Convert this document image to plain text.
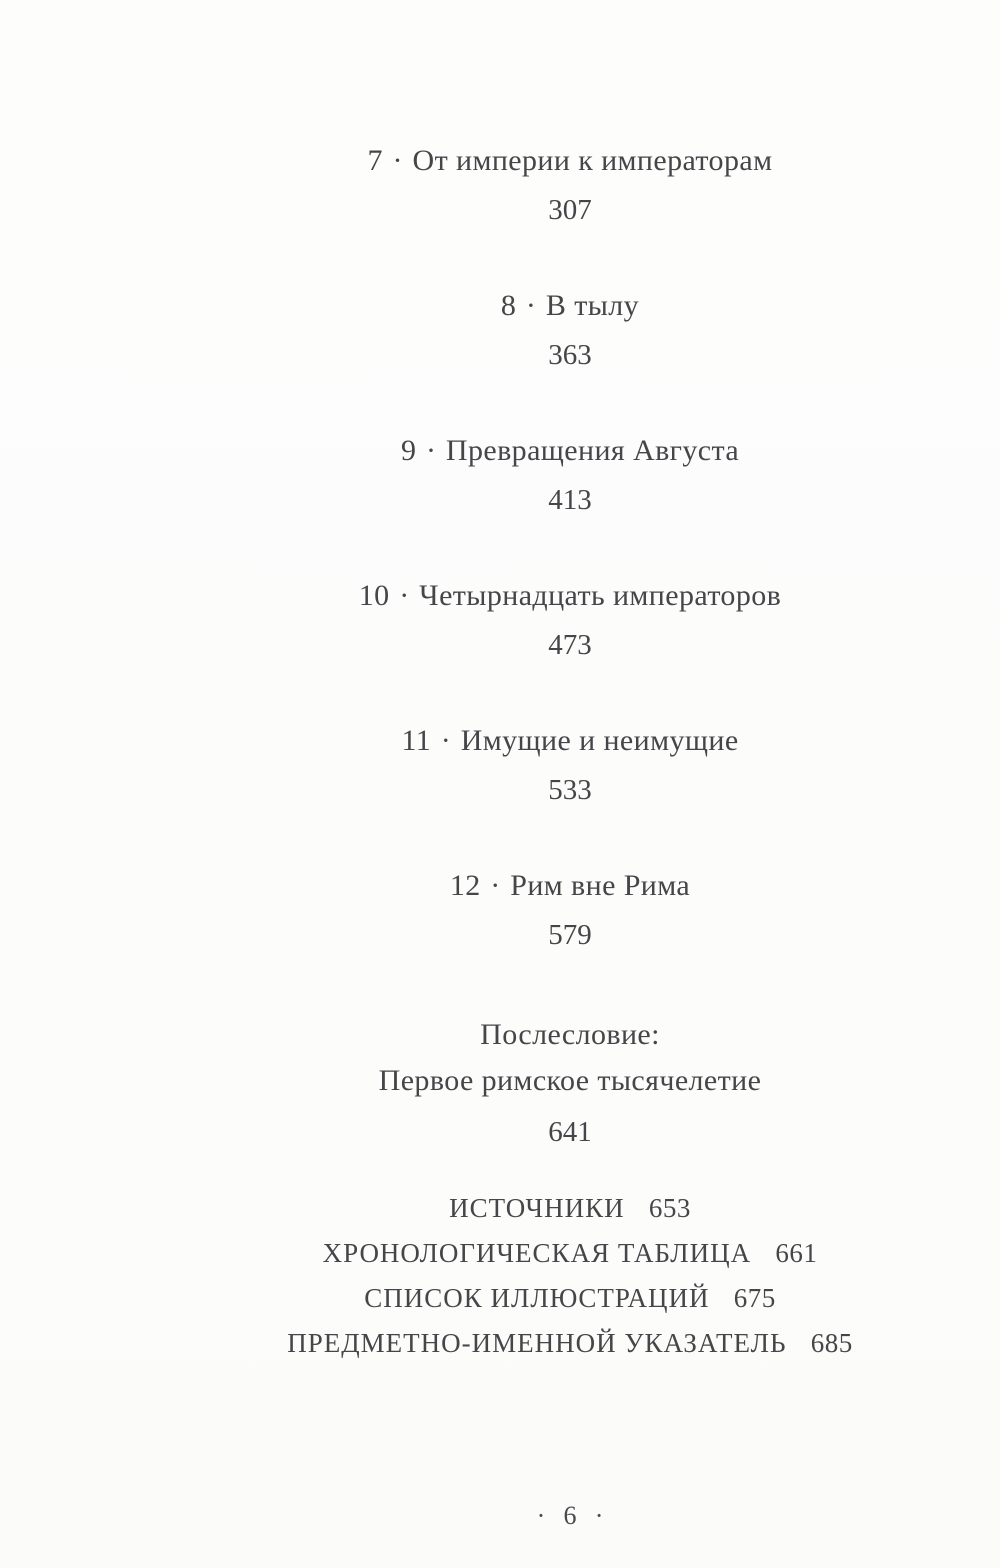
7 · От империи к императорам
307
8 · В тылу
363
9 · Превращения Августа
413
10 · Четырнадцать императоров
473
11 · Имущие и неимущие
533
12 · Рим вне Рима
579
Послесловие:
Первое римское тысячелетие
641
ИСТОЧНИКИ 653
ХРОНОЛОГИЧЕСКАЯ ТАБЛИЦА 661
СПИСОК ИЛЛЮСТРАЦИЙ 675
ПРЕДМЕТНО-ИМЕННОЙ УКАЗАТЕЛЬ 685
· 6 ·
